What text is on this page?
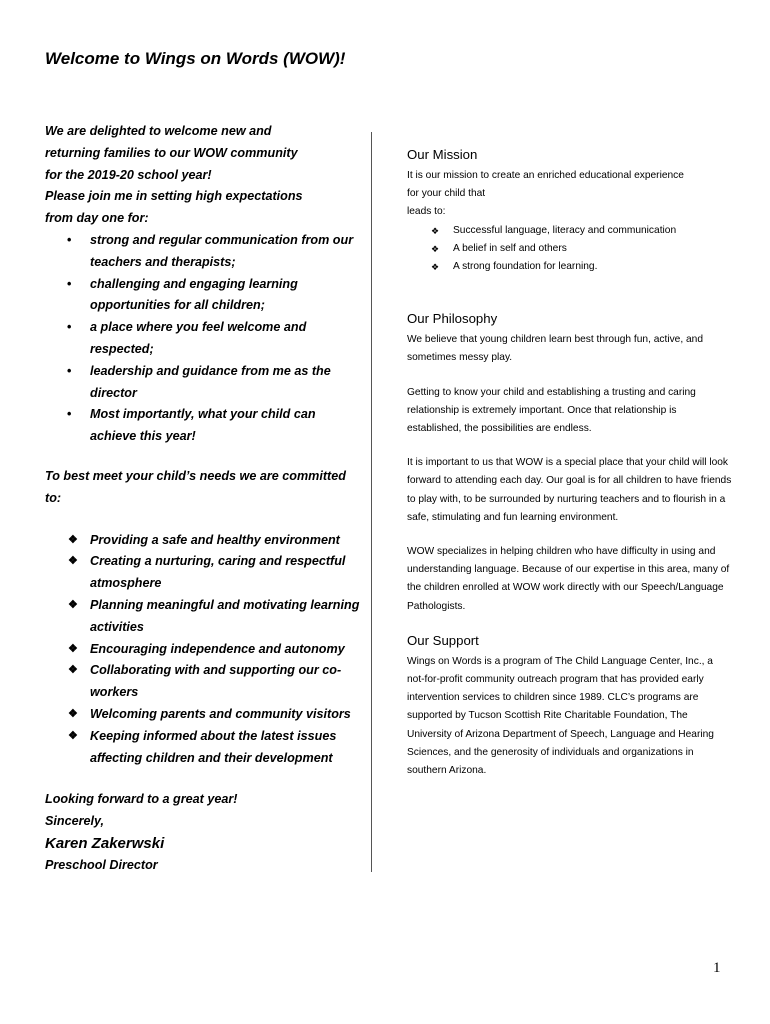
Welcome to Wings on Words (WOW)!

We are delighted to welcome new and

returning families to our WOW community

for the 2019-20 school year!

Please join me in setting high expectations

from day one for:

• strong and regular communication from our teachers and therapists;
• challenging and engaging learning opportunities for all children;
• a place where you feel welcome and respected;
• leadership and guidance from me as the director
• Most importantly, what your child can achieve this year!

To best meet your child’s needs we are committed

to:

❖ Providing a safe and healthy environment
❖ Creating a nurturing, caring and respectful atmosphere
❖ Planning meaningful and motivating learning activities
❖ Encouraging independence and autonomy
❖ Collaborating with and supporting our co-workers
❖ Welcoming parents and community visitors
❖ Keeping informed about the latest issues affecting children and their development

Looking forward to a great year!

Sincerely,

Karen Zakerwski

Preschool Director

Our Mission

It is our mission to create an enriched educational experience

for your child that

leads to:

❖ Successful language, literacy and communication
❖ A belief in self and others
❖ A strong foundation for learning.
Our Philosophy

We believe that young children learn best through fun, active, and sometimes messy play.

Getting to know your child and establishing a trusting and caring relationship is extremely important. Once that relationship is established, the possibilities are endless.

It is important to us that WOW is a special place that your child will look forward to attending each day. Our goal is for all children to have friends to play with, to be surrounded by nurturing teachers and to flourish in a safe, stimulating and fun learning environment.

WOW specializes in helping children who have difficulty in using and understanding language. Because of our expertise in this area, many of the children enrolled at WOW work directly with our Speech/Language Pathologists.

Our Support

Wings on Words is a program of The Child Language Center, Inc., a not-for-profit community outreach program that has provided early intervention services to children since 1989. CLC’s programs are supported by Tucson Scottish Rite Charitable Foundation, The University of Arizona Department of Speech, Language and Hearing Sciences, and the generosity of individuals and organizations in southern Arizona.

1
